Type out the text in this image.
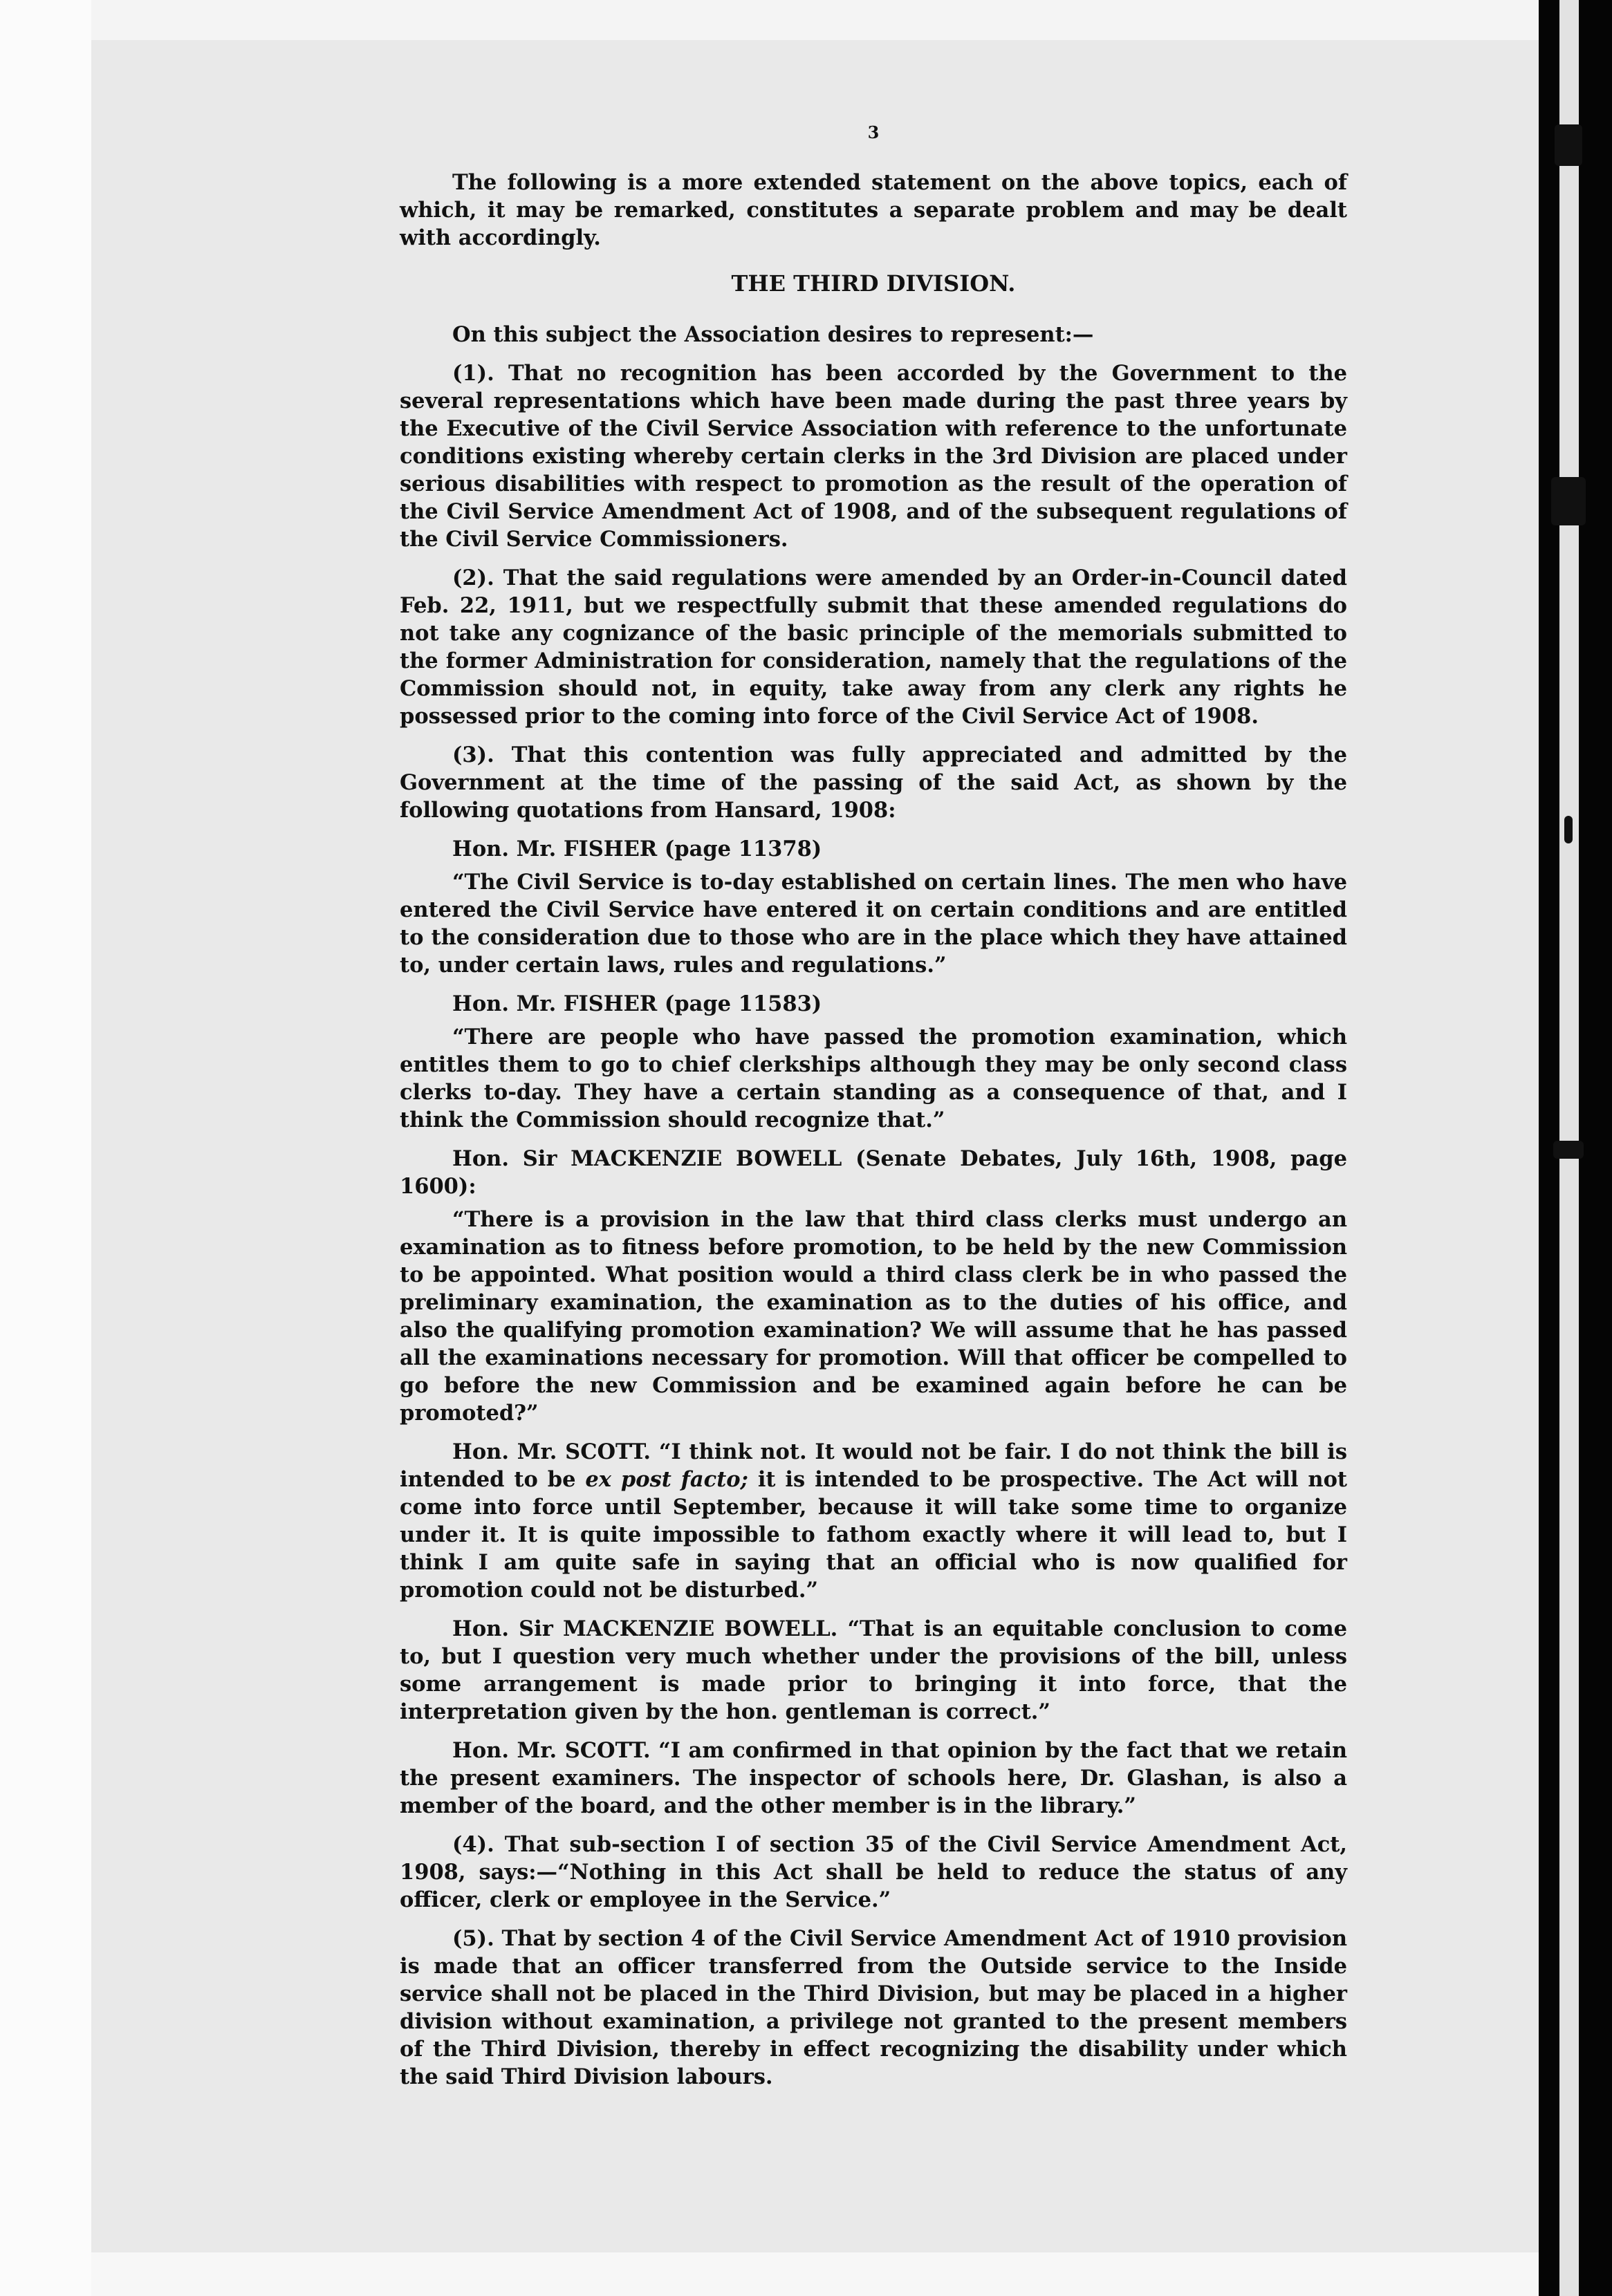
3

The following is a more extended statement on the above topics, each of which, it may be remarked, constitutes a separate problem and may be dealt with accordingly.

THE THIRD DIVISION.

On this subject the Association desires to represent:—

(1). That no recognition has been accorded by the Government to the several representations which have been made during the past three years by the Executive of the Civil Service Association with reference to the unfortunate conditions existing whereby certain clerks in the 3rd Division are placed under serious disabilities with respect to promotion as the result of the operation of the Civil Service Amendment Act of 1908, and of the subsequent regulations of the Civil Service Commissioners.

(2). That the said regulations were amended by an Order-in-Council dated Feb. 22, 1911, but we respectfully submit that these amended regulations do not take any cognizance of the basic principle of the memorials submitted to the former Administration for consideration, namely that the regulations of the Commission should not, in equity, take away from any clerk any rights he possessed prior to the coming into force of the Civil Service Act of 1908.

(3). That this contention was fully appreciated and admitted by the Government at the time of the passing of the said Act, as shown by the following quotations from Hansard, 1908:

Hon. Mr. FISHER (page 11378)

“The Civil Service is to-day established on certain lines. The men who have entered the Civil Service have entered it on certain conditions and are entitled to the consideration due to those who are in the place which they have attained to, under certain laws, rules and regulations.”

Hon. Mr. FISHER (page 11583)

“There are people who have passed the promotion examination, which entitles them to go to chief clerkships although they may be only second class clerks to-day. They have a certain standing as a consequence of that, and I think the Commission should recognize that.”

Hon. Sir MACKENZIE BOWELL (Senate Debates, July 16th, 1908, page 1600):

“There is a provision in the law that third class clerks must undergo an examination as to fitness before promotion, to be held by the new Commission to be appointed. What position would a third class clerk be in who passed the preliminary examination, the examination as to the duties of his office, and also the qualifying promotion examination? We will assume that he has passed all the examinations necessary for promotion. Will that officer be compelled to go before the new Commission and be examined again before he can be promoted?”

Hon. Mr. SCOTT. “I think not. It would not be fair. I do not think the bill is intended to be ex post facto; it is intended to be prospective. The Act will not come into force until September, because it will take some time to organize under it. It is quite impossible to fathom exactly where it will lead to, but I think I am quite safe in saying that an official who is now qualified for promotion could not be disturbed.”

Hon. Sir MACKENZIE BOWELL. “That is an equitable conclusion to come to, but I question very much whether under the provisions of the bill, unless some arrangement is made prior to bringing it into force, that the interpretation given by the hon. gentleman is correct.”

Hon. Mr. SCOTT. “I am confirmed in that opinion by the fact that we retain the present examiners. The inspector of schools here, Dr. Glashan, is also a member of the board, and the other member is in the library.”

(4). That sub-section I of section 35 of the Civil Service Amendment Act, 1908, says:—“Nothing in this Act shall be held to reduce the status of any officer, clerk or employee in the Service.”

(5). That by section 4 of the Civil Service Amendment Act of 1910 provision is made that an officer transferred from the Outside service to the Inside service shall not be placed in the Third Division, but may be placed in a higher division without examination, a privilege not granted to the present members of the Third Division, thereby in effect recognizing the disability under which the said Third Division labours.
